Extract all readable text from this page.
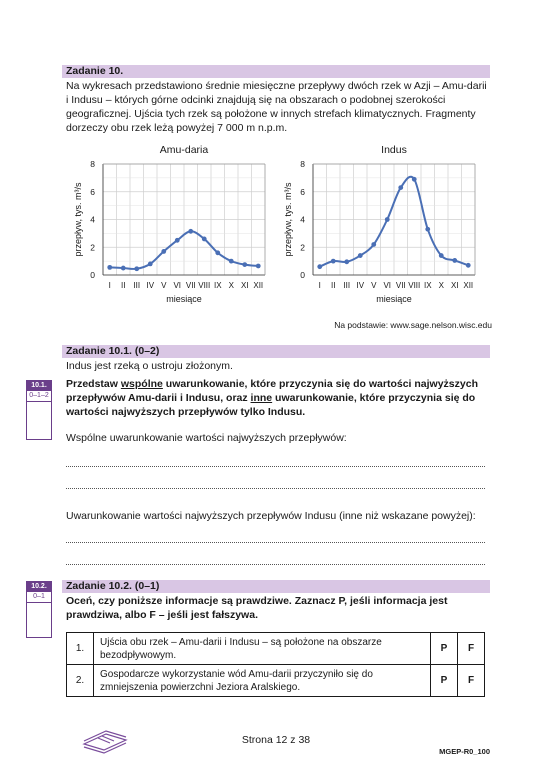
Zadanie 10.
Na wykresach przedstawiono średnie miesięczne przepływy dwóch rzek w Azji – Amu-darii
i Indusu – których górne odcinki znajdują się na obszarach o podobnej szerokości
geograficznej. Ujścia tych rzek są położone w innych strefach klimatycznych. Fragmenty
dorzeczy obu rzek leżą powyżej 7 000 m n.p.m.
Amu-daria
0
2
4
6
8
I II III IV V VI VII VIII IX X XI XII
miesiące
przepływ, tys. m³/s
Indus
0
2
4
6
8
I II III IV V VI VII VIII IX X XI XII
miesiące
przepływ, tys. m³/s
Na podstawie: www.sage.nelson.wisc.edu
Zadanie 10.1. (0–2)
Indus jest rzeką o ustroju złożonym.
10.1.
0–1–2
Przedstaw wspólne uwarunkowanie, które przyczynia się do wartości najwyższych
przepływów Amu-darii i Indusu, oraz inne uwarunkowanie, które przyczynia się do
wartości najwyższych przepływów tylko Indusu.
Wspólne uwarunkowanie wartości najwyższych przepływów:
Uwarunkowanie wartości najwyższych przepływów Indusu (inne niż wskazane powyżej):
Zadanie 10.2. (0–1)
10.2.
0–1	Oceń, czy poniższe informacje są prawdziwe. Zaznacz P, jeśli informacja jest
prawdziwa, albo F – jeśli jest fałszywa.
1.	Ujścia obu rzek – Amu-darii i Indusu – są położone na obszarze
bezodpływowym.	P	F
2.	Gospodarcze wykorzystanie wód Amu-darii przyczyniło się do
zmniejszenia powierzchni Jeziora Aralskiego.	P	F
Strona 12 z 38
MGEP-R0_100
